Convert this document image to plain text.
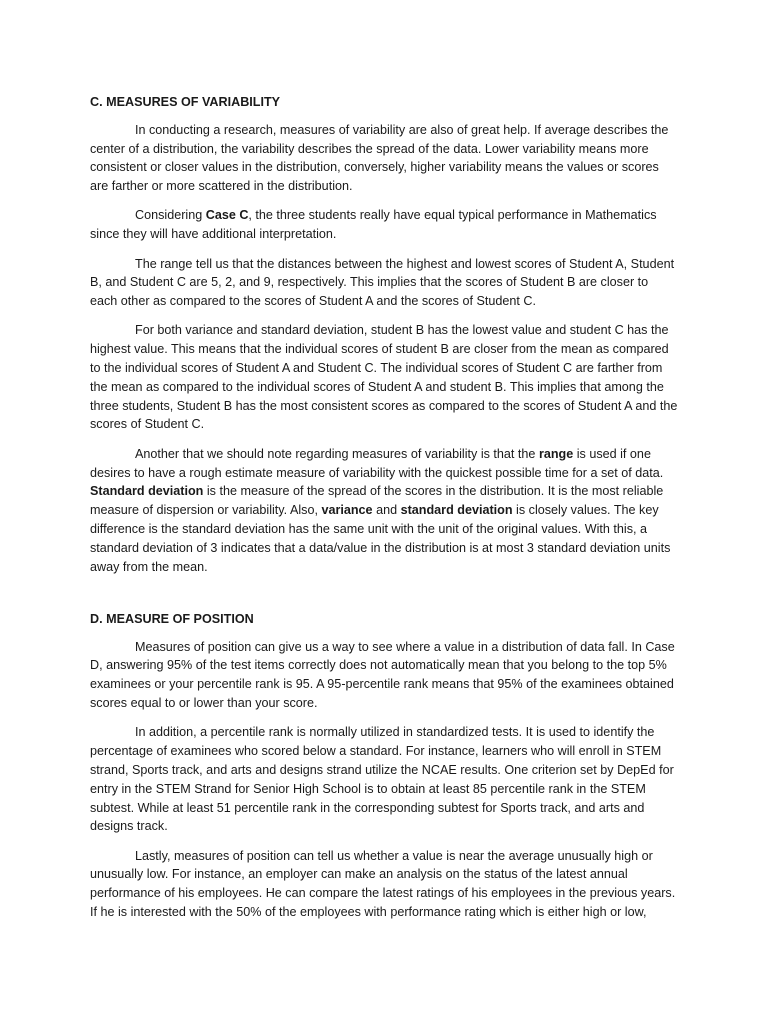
C. MEASURES OF VARIABILITY

In conducting a research, measures of variability are also of great help. If average describes the center of a distribution, the variability describes the spread of the data. Lower variability means more consistent or closer values in the distribution, conversely, higher variability means the values or scores are farther or more scattered in the distribution.

Considering Case C, the three students really have equal typical performance in Mathematics since they will have additional interpretation.

The range tell us that the distances between the highest and lowest scores of Student A, Student B, and Student C are 5, 2, and 9, respectively. This implies that the scores of Student B are closer to each other as compared to the scores of Student A and the scores of Student C.

For both variance and standard deviation, student B has the lowest value and student C has the highest value. This means that the individual scores of student B are closer from the mean as compared to the individual scores of Student A and Student C. The individual scores of Student C are farther from the mean as compared to the individual scores of Student A and student B. This implies that among the three students, Student B has the most consistent scores as compared to the scores of Student A and the scores of Student C.

Another that we should note regarding measures of variability is that the range is used if one desires to have a rough estimate measure of variability with the quickest possible time for a set of data. Standard deviation is the measure of the spread of the scores in the distribution. It is the most reliable measure of dispersion or variability. Also, variance and standard deviation is closely values. The key difference is the standard deviation has the same unit with the unit of the original values. With this, a standard deviation of 3 indicates that a data/value in the distribution is at most 3 standard deviation units away from the mean.

D. MEASURE OF POSITION

Measures of position can give us a way to see where a value in a distribution of data fall. In Case D, answering 95% of the test items correctly does not automatically mean that you belong to the top 5% examinees or your percentile rank is 95. A 95-percentile rank means that 95% of the examinees obtained scores equal to or lower than your score.

In addition, a percentile rank is normally utilized in standardized tests. It is used to identify the percentage of examinees who scored below a standard. For instance, learners who will enroll in STEM strand, Sports track, and arts and designs strand utilize the NCAE results. One criterion set by DepEd for entry in the STEM Strand for Senior High School is to obtain at least 85 percentile rank in the STEM subtest. While at least 51 percentile rank in the corresponding subtest for Sports track, and arts and designs track.

Lastly, measures of position can tell us whether a value is near the average unusually high or unusually low. For instance, an employer can make an analysis on the status of the latest annual performance of his employees. He can compare the latest ratings of his employees in the previous years. If he is interested with the 50% of the employees with performance rating which is either high or low,
